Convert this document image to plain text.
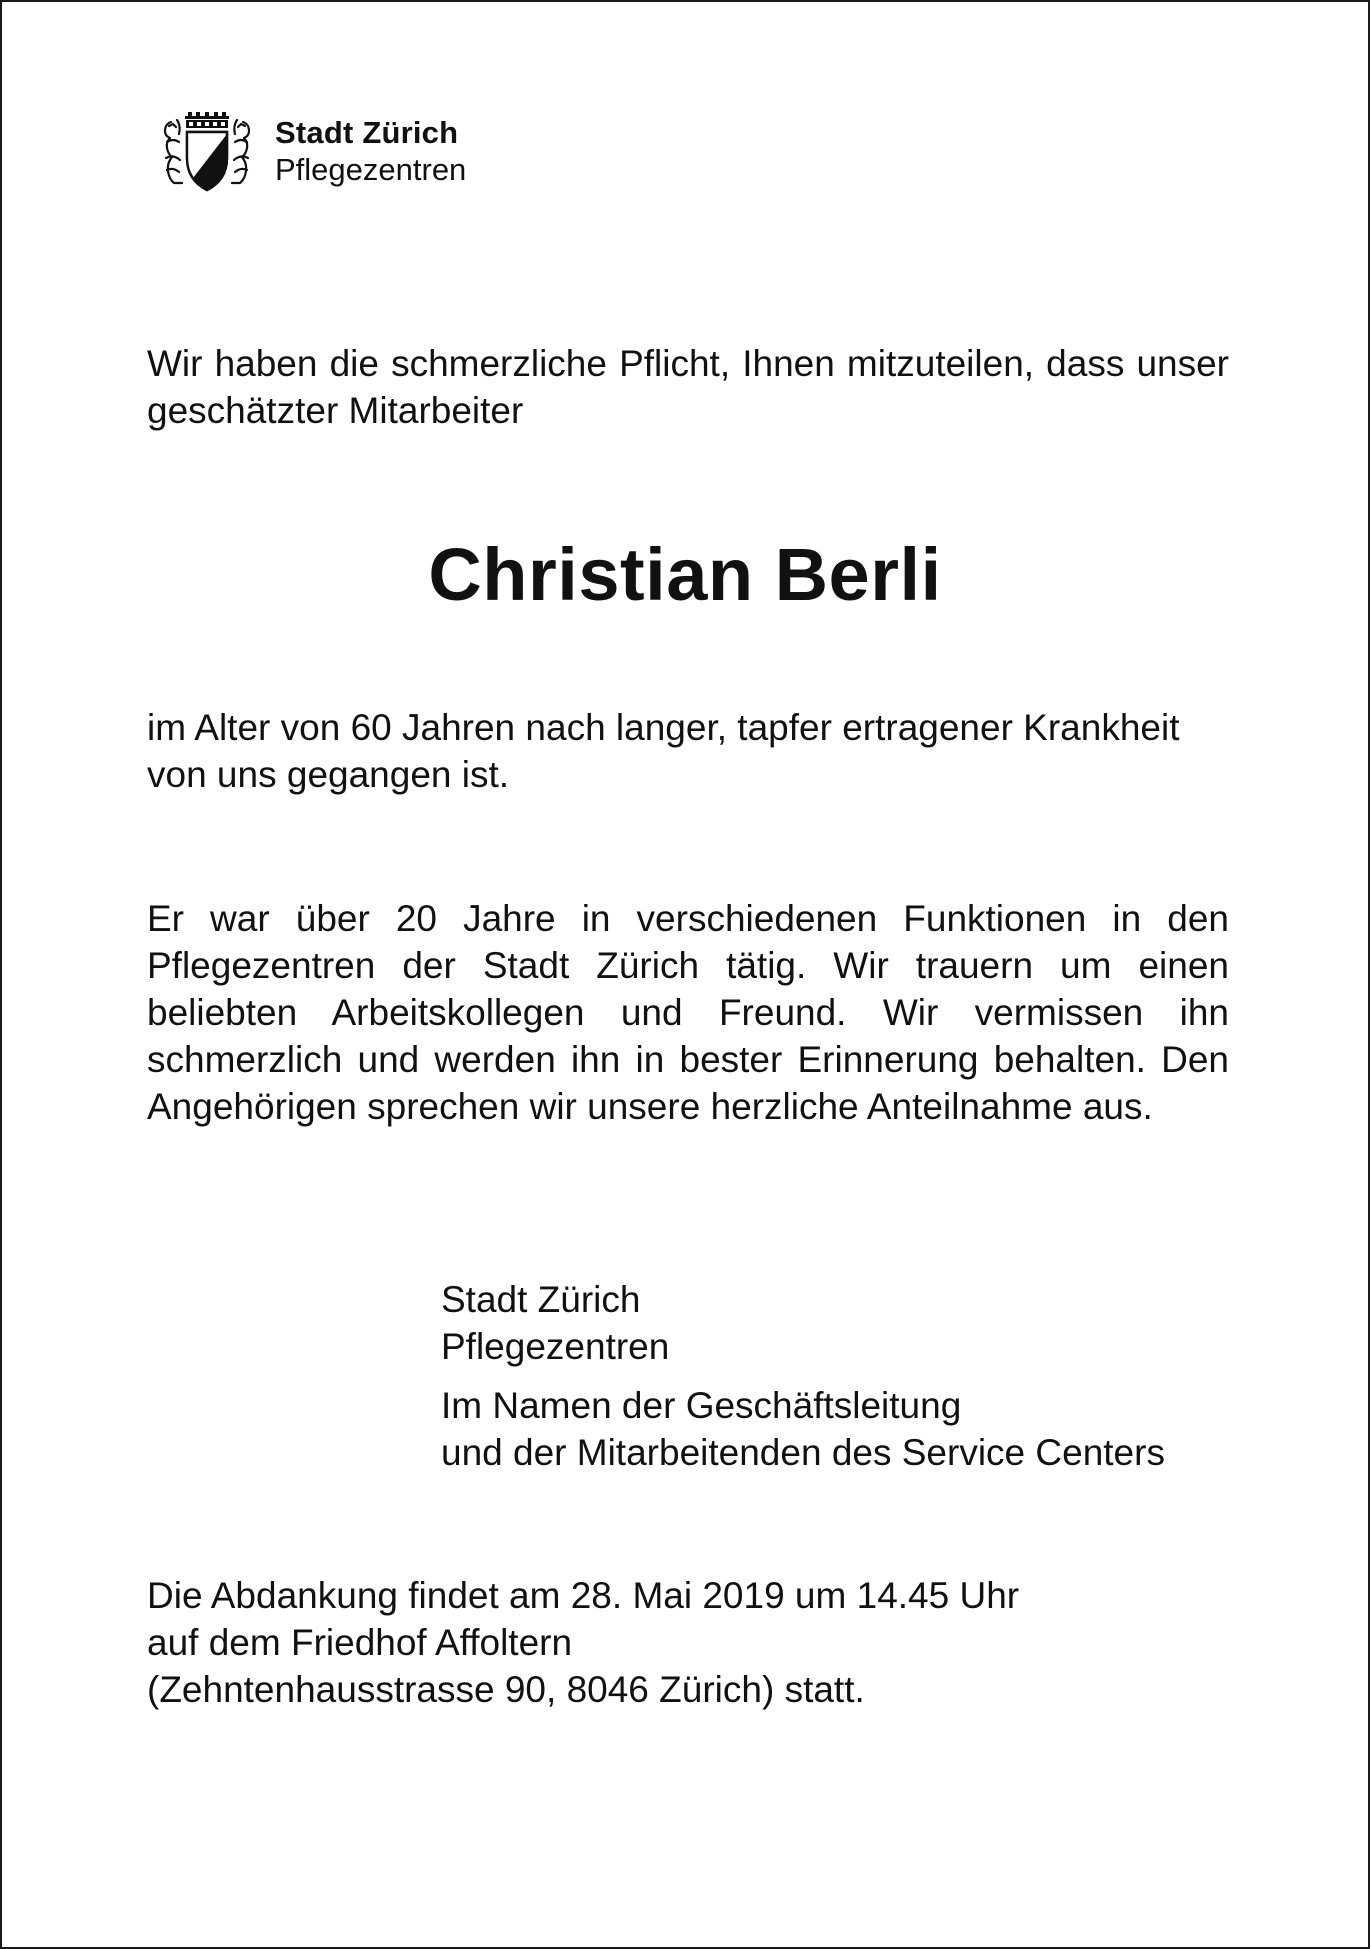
Stadt Zürich
Pflegezentren
Wir haben die schmerzliche Pflicht, Ihnen mitzuteilen, dass unser geschätzter Mitarbeiter
Christian Berli
im Alter von 60 Jahren nach langer, tapfer ertragener Krankheit von uns gegangen ist.
Er war über 20 Jahre in verschiedenen Funktionen in den Pflegezentren der Stadt Zürich tätig. Wir trauern um einen beliebten Arbeitskollegen und Freund. Wir vermissen ihn schmerzlich und werden ihn in bester Erinnerung behalten. Den Angehörigen sprechen wir unsere herzliche Anteilnahme aus.
Stadt Zürich
Pflegezentren
Im Namen der Geschäftsleitung
und der Mitarbeitenden des Service Centers
Die Abdankung findet am 28. Mai 2019 um 14.45 Uhr
auf dem Friedhof Affoltern
(Zehntenhausstrasse 90, 8046 Zürich) statt.
